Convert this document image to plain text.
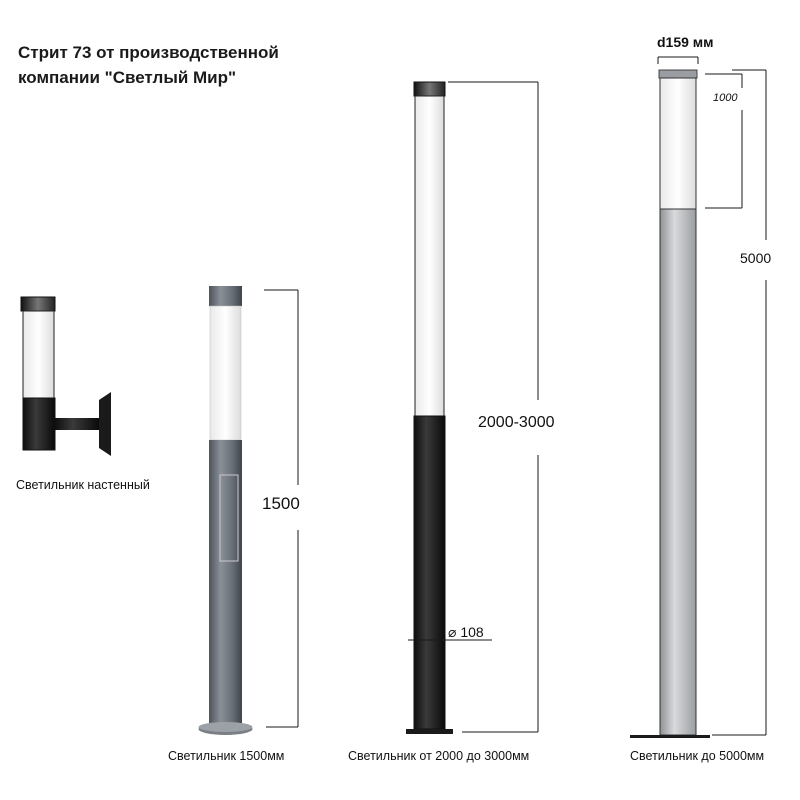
Стрит 73 от производственной компании "Светлый Мир"
Светильник настенный
1500
Светильник 1500мм
2000-3000
⌀ 108
Светильник от 2000 до 3000мм
d159 мм
1000
5000
Светильник до 5000мм
